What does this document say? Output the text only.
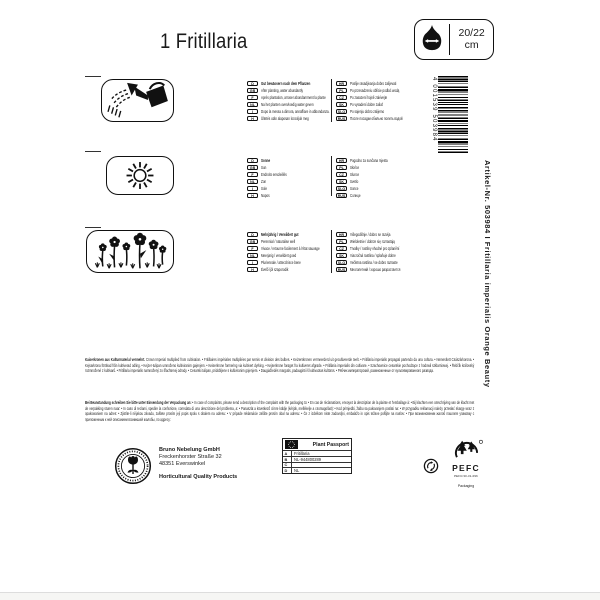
1 Fritillaria	20/22
cm
D	Gut bewässern nach dem Pflanzen
GB	After planting, water abundantly
F	Après plantation, arroser abondamment la plante
NL	Na het planten overvloedig water geven
I	Dopo la messa a dimora, annaffiare in abbondanza.
H	Ültetés után alaposan locsoljuk meg
HR	Poslije rasadjivanja dobro zalijevati
PL	Po przesadzeniu obficie podlać wodą
CZ	Po zasazení hojně zalévejte
SK	Po vysadení dobre zaliať
SLO	Po sajenju dobro zalijemo
RUS	После посадки обильно полить водой	4 001539 503984
D	Sonne
GB	Sun
F	Endroits ensoleillés
NL	Zon
I	Sole
H	Napos
HR	Pogodno za sunčana mjesta
PL	Słońce
CZ	Slunce
SK	Svetlo
SLO	Sonce
RUS	Солнце	Artikel-Nr. 503984 I Fritillaria imperialis Orange Beauty
D	Mehrjährig / Verwildert gut
GB	Perennial / naturalise well
F	Vivace / retourne facilement à l'état sauvage
NL	Meerjarig / verwildert goed
I	Pluriennale / attecchisce bene
H	Évelő /jól szaporodik
HR	Višegodišnje / dobro se razvija
PL	Wieloletnie / dobrze się rozrastają
CZ	Trvalky / rostliny vhodné pro zplanění
SK	Viacročná rastlina / splaňuje dobre
SLO	Večletna rastlina / se dobro razraste
RUS	Многолетний / хорошо разрастается
Kaiserkronen aus Kulturmaterial vermehrt. Crown Imperial multiplied from cultivation. • Fritillaires impériales multipliées par semis et division des bulbes. • Keizerskronen vermeerderd uit gecultiveerde teelt. • Fritillaria imperialis propagati partendo da una coltura. • Nemesített Császárkorona. • Kejsarkrona förökad från kultiverad odling. • Kejzer-tulipan umnoženo kultiviranim gajenjem. • Keiserkrone formering via kultivert dyrking. • Kejserkrone forøget fra kultiveret afgrøde. • Fritillaria imperialis din cultivare. • Szachownice cesarskie pochodzące z hodowli szklarniowej. • Řebčík královský rozmnožené z kultivarů. • Fritillaria imperialis namnožený zo šľachtenej odrody. • Cesarski tulipan, pridobljene s kultiviranim gojenjem. • Daugiažiedės margutis, padauginti iš kultivuotas kultūros. • Рябчик императорский, размноженные от культивированного развода.
Bei Beanstandung schreiben Sie bitte unter Einsendung der Verpackung an: • In case of complaints, please send a description of the complaint with the packaging to: • En cas de réclamations, envoyez la description de la plainte et l'emballage à: • Bij klachten een omschrijving van de klacht met de verpakking sturen naar: • In caso di reclami, spedire la confezione, corredata di una descrizione del problema, a: • Panaszát a következő címre küldje (kérjük, mellékelje a csomagolást): • Kod primjedbi, žalbu sa pakovanjem poslati na: • W przypadku reklamacji należy przesłać skargę wraz z opakowaniem na adres: • Zjistíte-li nějakou závadu, zašlete prosím její popis spolu s obalem na adresu: • V prípade reklamácie zašlite prosím obal na adresu: • Če z izdelkom niste zadovoljni, embalažo in opis težave pošljite na naslov: • При возникновении жалоб пошлите упаковку с приложенным к ней описанием возникшей жалобы, по адресу:
Plant Passport
A	Fritillaria
B	NL-944800289
C
D	NL
Bruno Nebelung GmbH
Freckenhorster Straße 32
48351 Everswinkel
Horticultural Quality Products
PEFC
PEFC/30-31-096
Packaging
